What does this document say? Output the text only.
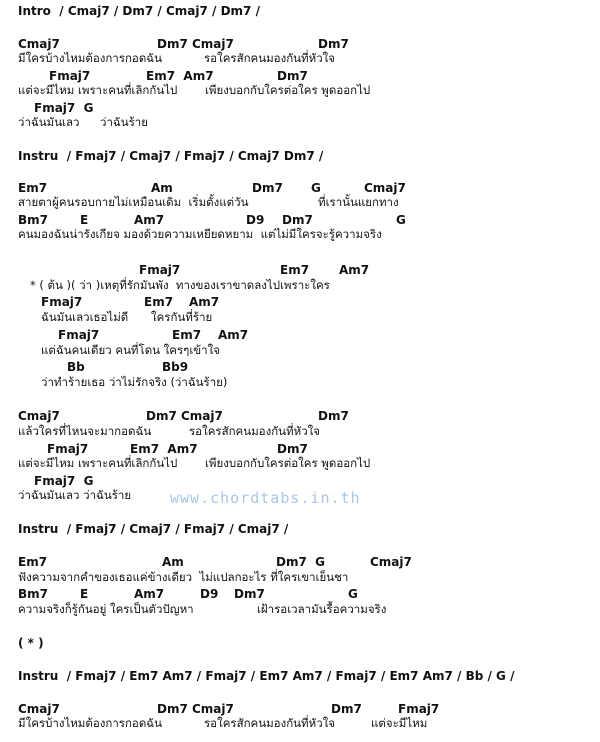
Intro  / Cmaj7 / Dm7 / Cmaj7 / Dm7 /
Cmaj7	Dm7 Cmaj7	Dm7
มีใครบ้างไหมต้องการกอดฉัน	รอใครสักคนมองกันที่หัวใจ
Fmaj7	Em7  Am7	Dm7
แต่จะมีไหม เพราะคนที่เลิกกันไป เพียงบอกกับใครต่อใคร พูดออกไป
Fmaj7  G
ว่าฉันมันเลว ว่าฉันร้าย
Instru  / Fmaj7 / Cmaj7 / Fmaj7 / Cmaj7 Dm7 /
Em7	Am	Dm7 G	Cmaj7
สายตาผู้คนรอบกายไม่เหมือนเดิม  เริ่มตั้งแต่วัน	ที่เรานั้นแยกทาง
Bm7	E	Am7	D9 Dm7	G
คนมองฉันน่ารังเกียจ มองด้วยความเหยียดหยาม  แต่ไม่มีใครจะรู้ความจริง
Fmaj7	Em7 Am7
* ( ต้น )( ว่า )เหตุที่รักมันพัง  ทางของเราขาดลงไปเพราะใคร
Fmaj7	Em7 Am7
ฉันมันเลวเธอไม่ดี ใครกันที่ร้าย
Fmaj7	Em7 Am7
แต่ฉันคนเดียว คนที่โดน ใครๆเข้าใจ
Bb	Bb9
ว่าทำร้ายเธอ ว่าไม่รักจริง (ว่าฉันร้าย)
Cmaj7	Dm7 Cmaj7	Dm7
แล้วใครที่ไหนจะมากอดฉัน	รอใครสักคนมองกันที่หัวใจ
Fmaj7	Em7  Am7	Dm7
แต่จะมีไหม เพราะคนที่เลิกกันไป เพียงบอกกับใครต่อใคร พูดออกไป
Fmaj7  G
ว่าฉันมันเลว ว่าฉันร้าย
Instru  / Fmaj7 / Cmaj7 / Fmaj7 / Cmaj7 /
Em7	Am	Dm7  G	Cmaj7
ฟังความจากคำของเธอแค่ข้างเดียว  ไม่แปลกอะไร ที่ใครเขาเย็นชา
Bm7	E	Am7	D9 Dm7	G
ความจริงก็รู้กันอยู่ ใครเป็นตัวปัญหา	เฝ้ารอเวลามันรื้อความจริง
( * )
Instru  / Fmaj7 / Em7 Am7 / Fmaj7 / Em7 Am7 / Fmaj7 / Em7 Am7 / Bb / G /
Cmaj7	Dm7 Cmaj7	Dm7	Fmaj7
มีใครบ้างไหมต้องการกอดฉัน	รอใครสักคนมองกันที่หัวใจ	แต่จะมีไหม
www.chordtabs.in.th
